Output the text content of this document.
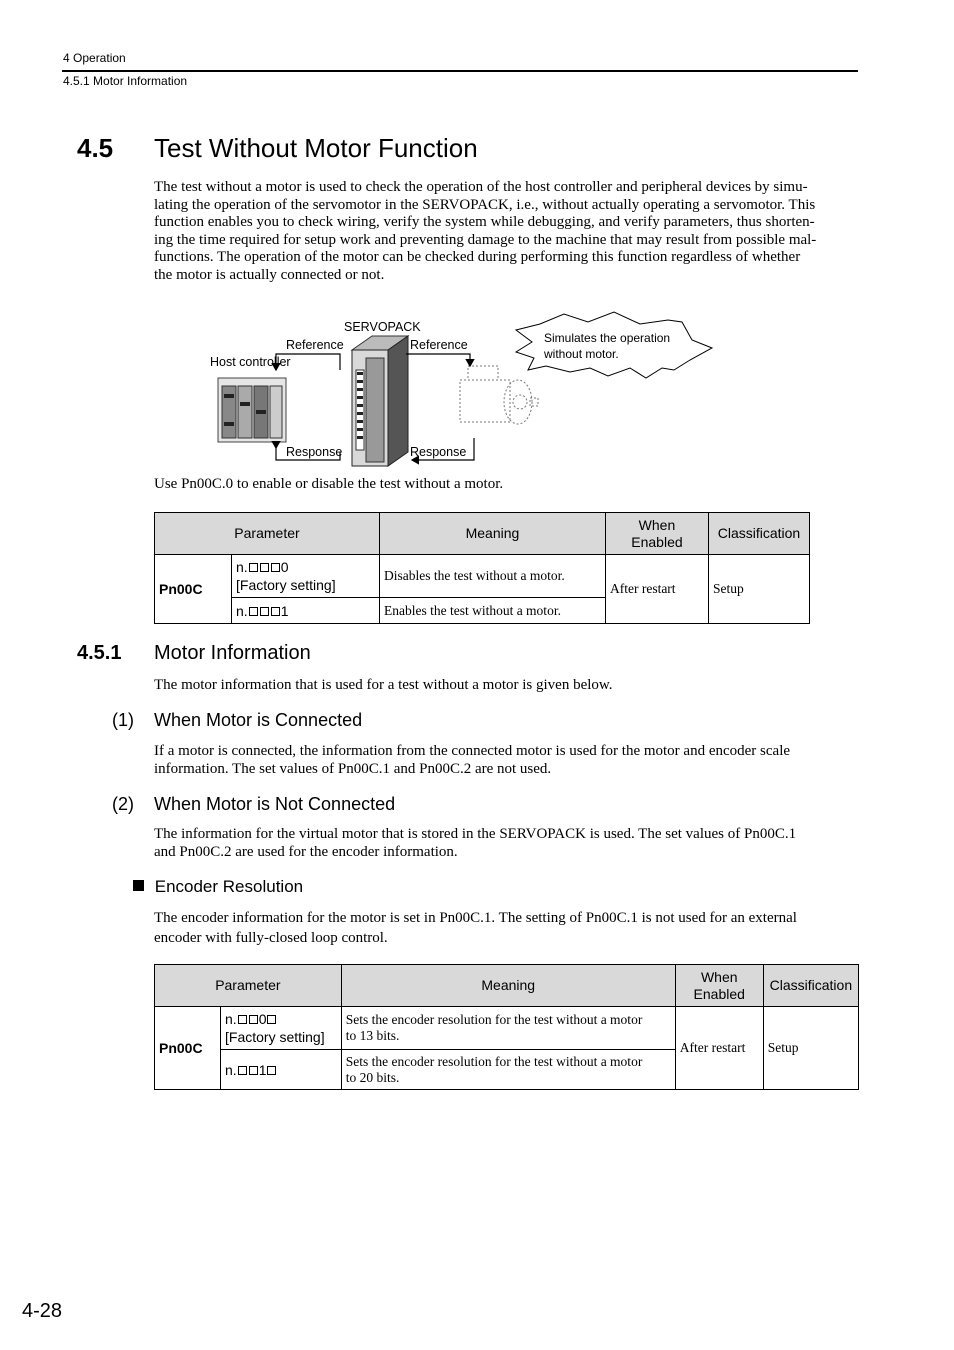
4 Operation
4.5.1 Motor Information
4.5 Test Without Motor Function
The test without a motor is used to check the operation of the host controller and peripheral devices by simu-
lating the operation of the servomotor in the SERVOPACK, i.e., without actually operating a servomotor. This
function enables you to check wiring, verify the system while debugging, and verify parameters, thus shorten-
ing the time required for setup work and preventing damage to the machine that may result from possible mal-
functions. The operation of the motor can be checked during performing this function regardless of whether
the motor is actually connected or not.
SERVOPACK
Reference	Reference
Host controller
Response	Response
Simulates the operation
without motor.
Use Pn00C.0 to enable or disable the test without a motor.
Parameter		Meaning	When
Enabled	Classification
Pn00C	n. 0
[Factory setting]	Disables the test without a motor.	After restart	Setup
	n. 1	Enables the test without a motor.		
4.5.1 Motor Information
The motor information that is used for a test without a motor is given below.
(1) When Motor is Connected
If a motor is connected, the information from the connected motor is used for the motor and encoder scale
information. The set values of Pn00C.1 and Pn00C.2 are not used.
(2) When Motor is Not Connected
The information for the virtual motor that is stored in the SERVOPACK is used. The set values of Pn00C.1
and Pn00C.2 are used for the encoder information.
Encoder Resolution
The encoder information for the motor is set in Pn00C.1. The setting of Pn00C.1 is not used for an external
encoder with fully-closed loop control.
Parameter		Meaning	When
Enabled	Classification
Pn00C	n. 0
[Factory setting]	Sets the encoder resolution for the test without a motor
to 13 bits.	After restart	Setup
	n. 1	Sets the encoder resolution for the test without a motor
to 20 bits.		
4-28
